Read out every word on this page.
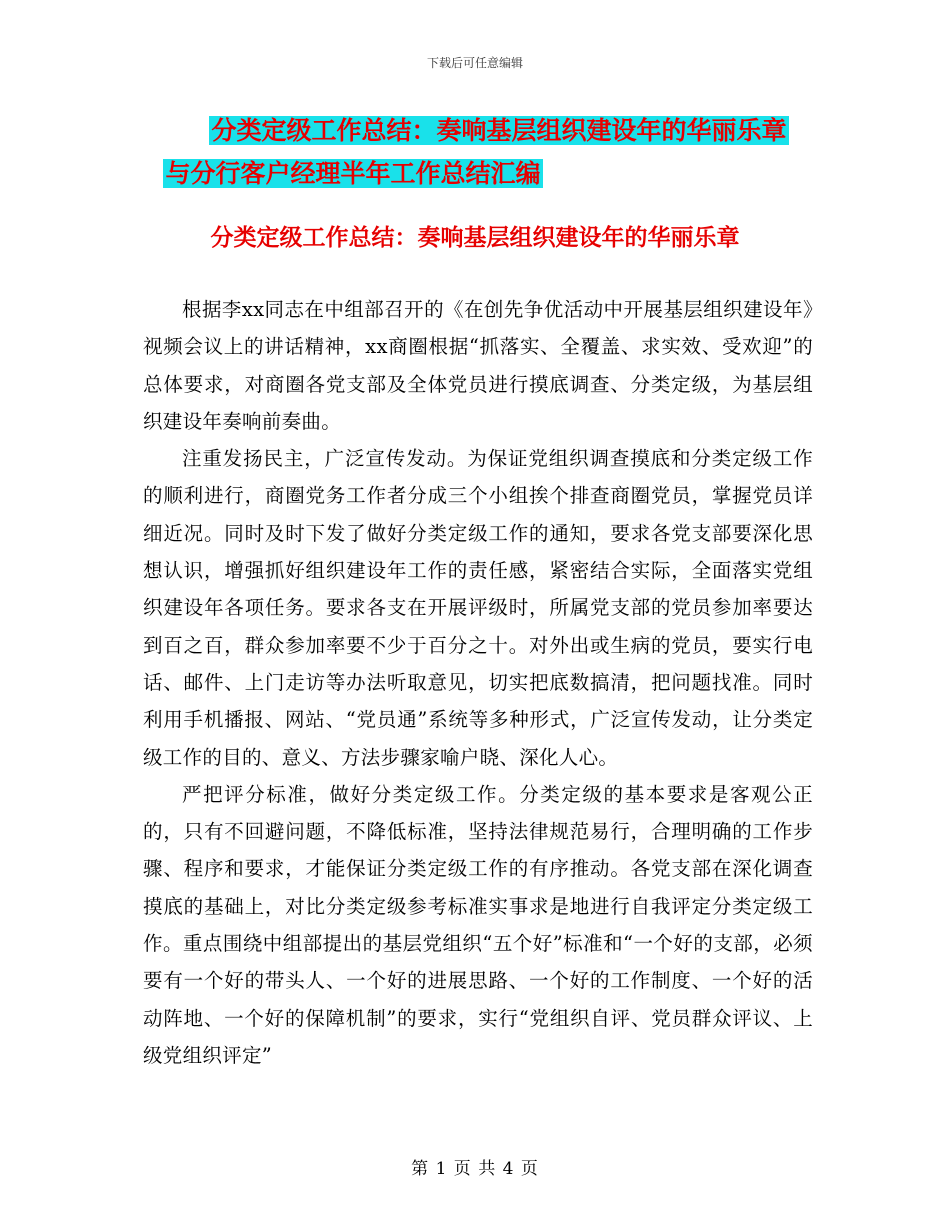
下载后可任意编辑
分类定级工作总结：奏响基层组织建设年的华丽乐章
与分行客户经理半年工作总结汇编
分类定级工作总结：奏响基层组织建设年的华丽乐章

根据李xx同志在中组部召开的《在创先争优活动中开展基层组织建设年》视频会议上的讲话精神，xx商圈根据“抓落实、全覆盖、求实效、受欢迎”的总体要求，对商圈各党支部及全体党员进行摸底调查、分类定级，为基层组织建设年奏响前奏曲。

注重发扬民主，广泛宣传发动。为保证党组织调查摸底和分类定级工作的顺利进行，商圈党务工作者分成三个小组挨个排查商圈党员，掌握党员详细近况。同时及时下发了做好分类定级工作的通知，要求各党支部要深化思想认识，增强抓好组织建设年工作的责任感，紧密结合实际，全面落实党组织建设年各项任务。要求各支在开展评级时，所属党支部的党员参加率要达到百之百，群众参加率要不少于百分之十。对外出或生病的党员，要实行电话、邮件、上门走访等办法听取意见，切实把底数搞清，把问题找准。同时利用手机播报、网站、“党员通”系统等多种形式，广泛宣传发动，让分类定级工作的目的、意义、方法步骤家喻户晓、深化人心。

严把评分标准，做好分类定级工作。分类定级的基本要求是客观公正的，只有不回避问题，不降低标准，坚持法律规范易行，合理明确的工作步骤、程序和要求，才能保证分类定级工作的有序推动。各党支部在深化调查摸底的基础上，对比分类定级参考标准实事求是地进行自我评定分类定级工作。重点围绕中组部提出的基层党组织“五个好”标准和“一个好的支部，必须要有一个好的带头人、一个好的进展思路、一个好的工作制度、一个好的活动阵地、一个好的保障机制”的要求，实行“党组织自评、党员群众评议、上级党组织评定”

第 1 页 共 4 页
